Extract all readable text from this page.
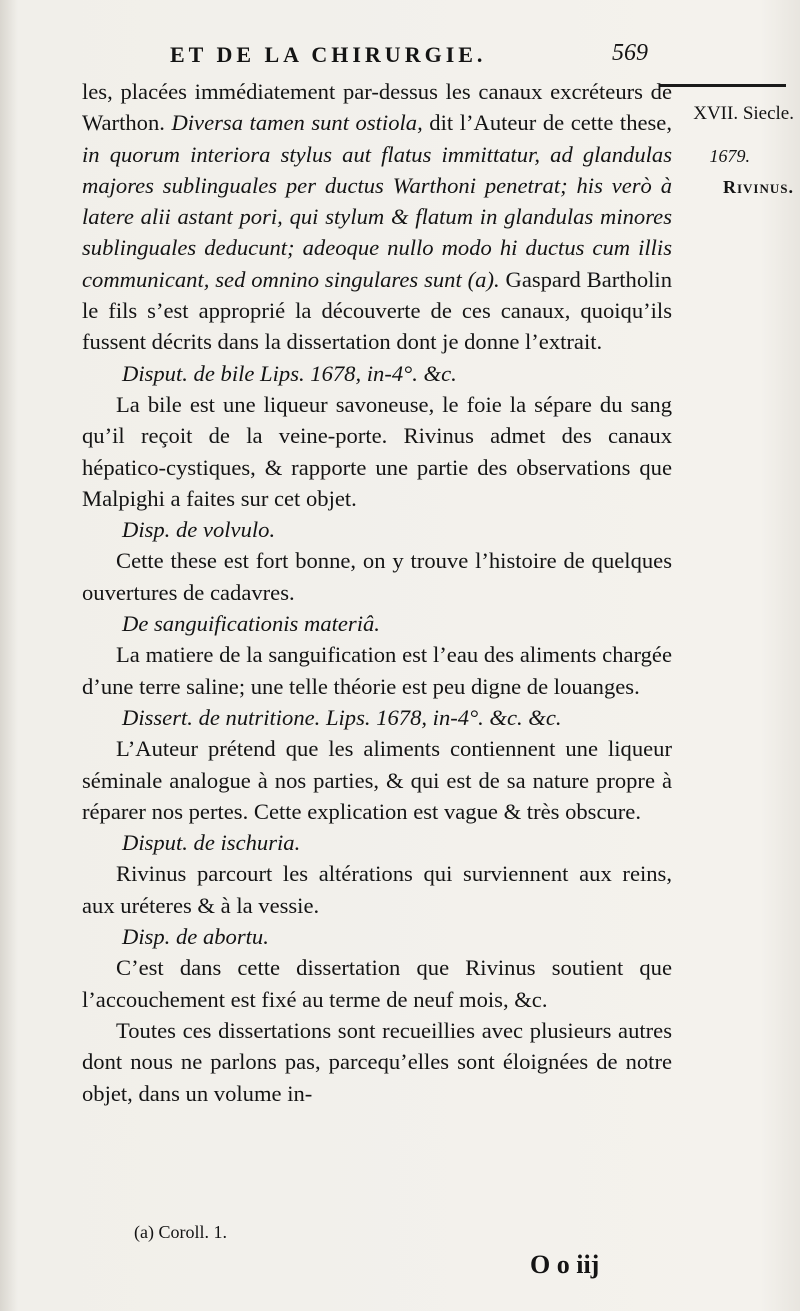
ET DE LA CHIRURGIE.	569
XVII. Siecle.
1679.
Rivinus.

les, placées immédiatement par-dessus les canaux excréteurs de Warthon. Diversa tamen sunt ostiola, dit l’Auteur de cette these, in quorum interiora stylus aut flatus immittatur, ad glandulas majores sublinguales per ductus Warthoni penetrat; his verò à latere alii astant pori, qui stylum & flatum in glandulas minores sublinguales deducunt; adeoque nullo modo hi ductus cum illis communicant, sed omnino singulares sunt (a). Gaspard Bartholin le fils s’est approprié la découverte de ces canaux, quoiqu’ils fussent décrits dans la dissertation dont je donne l’extrait.

Disput. de bile Lips. 1678, in-4°. &c.

La bile est une liqueur savoneuse, le foie la sépare du sang qu’il reçoit de la veine-porte. Rivinus admet des canaux hépatico-cystiques, & rapporte une partie des observations que Malpighi a faites sur cet objet.

Disp. de volvulo.

Cette these est fort bonne, on y trouve l’histoire de quelques ouvertures de cadavres.

De sanguificationis materiâ.

La matiere de la sanguification est l’eau des aliments chargée d’une terre saline; une telle théorie est peu digne de louanges.

Dissert. de nutritione. Lips. 1678, in-4°. &c. &c.

L’Auteur prétend que les aliments contiennent une liqueur séminale analogue à nos parties, & qui est de sa nature propre à réparer nos pertes. Cette explication est vague & très obscure.

Disput. de ischuria.

Rivinus parcourt les altérations qui surviennent aux reins, aux uréteres & à la vessie.

Disp. de abortu.

C’est dans cette dissertation que Rivinus soutient que l’accouchement est fixé au terme de neuf mois, &c.

Toutes ces dissertations sont recueillies avec plusieurs autres dont nous ne parlons pas, parcequ’elles sont éloignées de notre objet, dans un volume in-

(a) Coroll. 1.
O o iij
